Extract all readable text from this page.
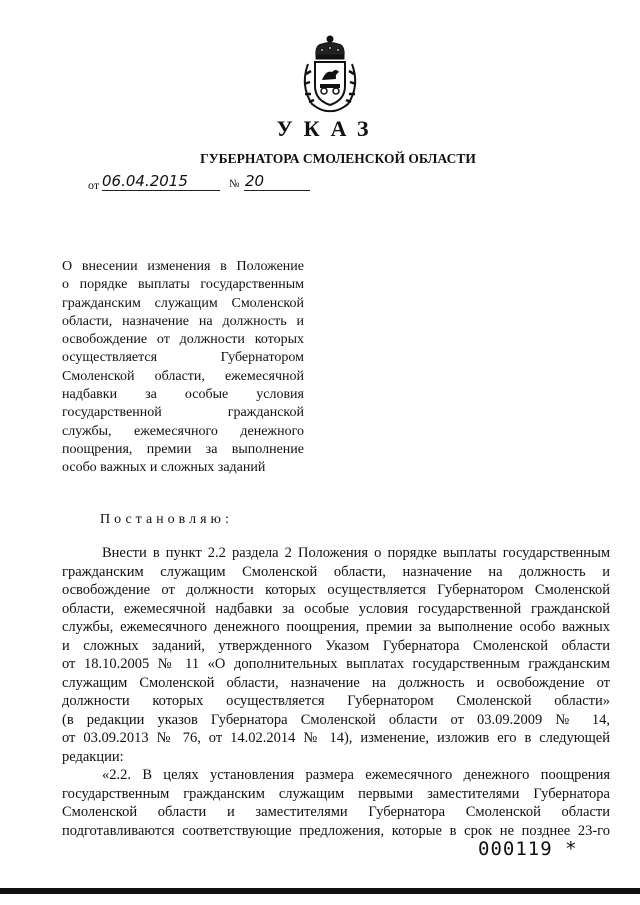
УКАЗ
ГУБЕРНАТОРА СМОЛЕНСКОЙ ОБЛАСТИ
от 06.04.2015	№ 20
О внесении изменения в Положение
о порядке выплаты государственным
гражданским служащим Смоленской
области, назначение на должность и
освобождение от должности которых
осуществляется Губернатором
Смоленской области, ежемесячной
надбавки за особые условия
государственной гражданской
службы, ежемесячного денежного
поощрения, премии за выполнение
особо важных и сложных заданий
Постановляю:
Внести в пункт 2.2 раздела 2 Положения о порядке выплаты государственным
гражданским служащим Смоленской области, назначение на должность и
освобождение от должности которых осуществляется Губернатором Смоленской
области, ежемесячной надбавки за особые условия государственной гражданской
службы, ежемесячного денежного поощрения, премии за выполнение особо важных
и сложных заданий, утвержденного Указом Губернатора Смоленской области
от 18.10.2005 № 11 «О дополнительных выплатах государственным гражданским
служащим Смоленской области, назначение на должность и освобождение от
должности которых осуществляется Губернатором Смоленской области»
(в редакции указов Губернатора Смоленской области от 03.09.2009 № 14,
от 03.09.2013 № 76, от 14.02.2014 № 14), изменение, изложив его в следующей
редакции:
«2.2. В целях установления размера ежемесячного денежного поощрения
государственным гражданским служащим первыми заместителями Губернатора
Смоленской области и заместителями Губернатора Смоленской области
подготавливаются соответствующие предложения, которые в срок не позднее 23-го
000119 *
